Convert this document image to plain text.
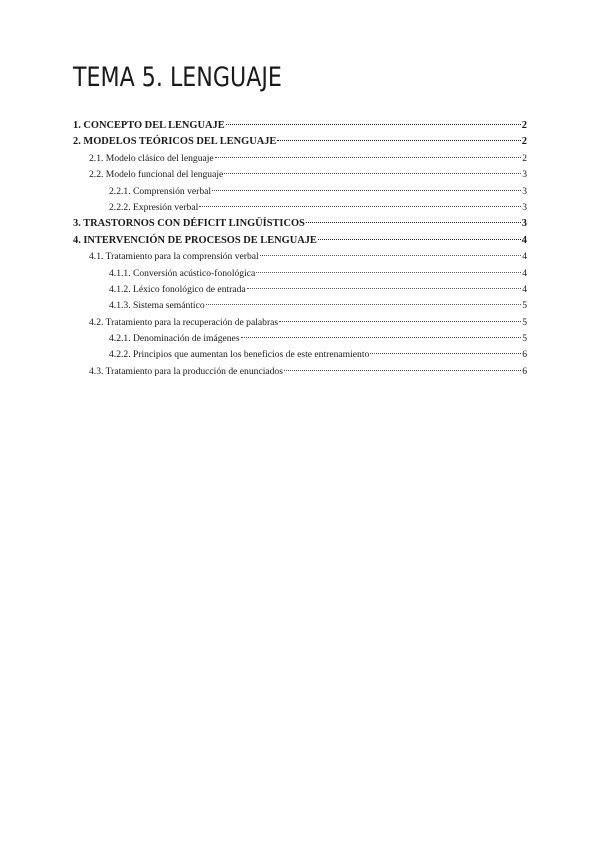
TEMA 5. LENGUAJE
1. CONCEPTO DEL LENGUAJE	2
2. MODELOS TEÓRICOS DEL LENGUAJE	2
2.1. Modelo clásico del lenguaje	2
2.2. Modelo funcional del lenguaje	3
2.2.1. Comprensión verbal	3
2.2.2. Expresión verbal	3
3. TRASTORNOS CON DÉFICIT LINGÜÍSTICOS	3
4. INTERVENCIÓN DE PROCESOS DE LENGUAJE	4
4.1. Tratamiento para la comprensión verbal	4
4.1.1. Conversión acústico-fonológica	4
4.1.2. Léxico fonológico de entrada	4
4.1.3. Sistema semántico	5
4.2. Tratamiento para la recuperación de palabras	5
4.2.1. Denominación de imágenes	5
4.2.2. Principios que aumentan los beneficios de este entrenamiento	6
4.3. Tratamiento para la producción de enunciados	6
